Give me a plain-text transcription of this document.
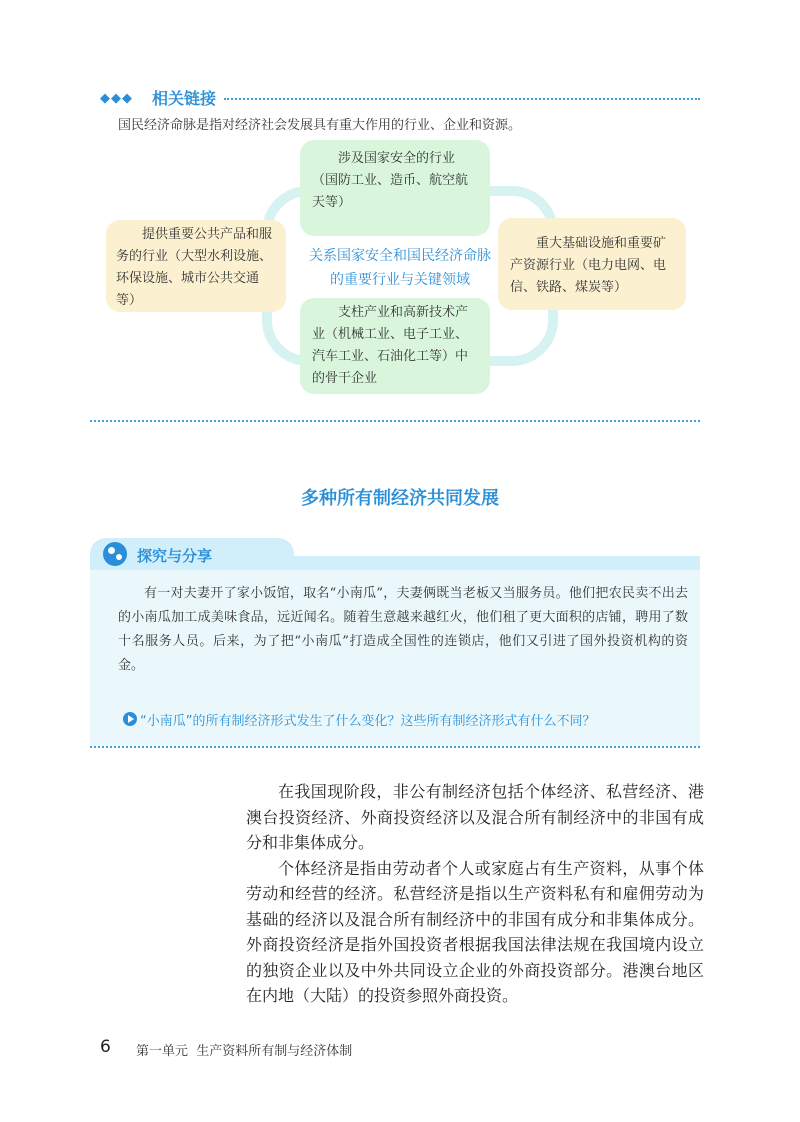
◆◆◆ 相关链接
国民经济命脉是指对经济社会发展具有重大作用的行业、企业和资源。

涉及国家安全的行业（国防工业、造币、航空航天等）

提供重要公共产品和服务的行业（大型水利设施、环保设施、城市公共交通等）

重大基础设施和重要矿产资源行业（电力电网、电信、铁路、煤炭等）

支柱产业和高新技术产业（机械工业、电子工业、汽车工业、石油化工等）中的骨干企业

关系国家安全和国民经济命脉
的重要行业与关键领域
多种所有制经济共同发展
探究与分享

有一对夫妻开了家小饭馆，取名“小南瓜”，夫妻俩既当老板又当服务员。他们把农民卖不出去的小南瓜加工成美味食品，远近闻名。随着生意越来越红火，他们租了更大面积的店铺，聘用了数十名服务人员。后来，为了把“小南瓜”打造成全国性的连锁店，他们又引进了国外投资机构的资金。

“小南瓜”的所有制经济形式发生了什么变化？这些所有制经济形式有什么不同？

在我国现阶段，非公有制经济包括个体经济、私营经济、港澳台投资经济、外商投资经济以及混合所有制经济中的非国有成分和非集体成分。

个体经济是指由劳动者个人或家庭占有生产资料，从事个体劳动和经营的经济。私营经济是指以生产资料私有和雇佣劳动为基础的经济以及混合所有制经济中的非国有成分和非集体成分。外商投资经济是指外国投资者根据我国法律法规在我国境内设立的独资企业以及中外共同设立企业的外商投资部分。港澳台地区在内地（大陆）的投资参照外商投资。

6 第一单元 生产资料所有制与经济体制
